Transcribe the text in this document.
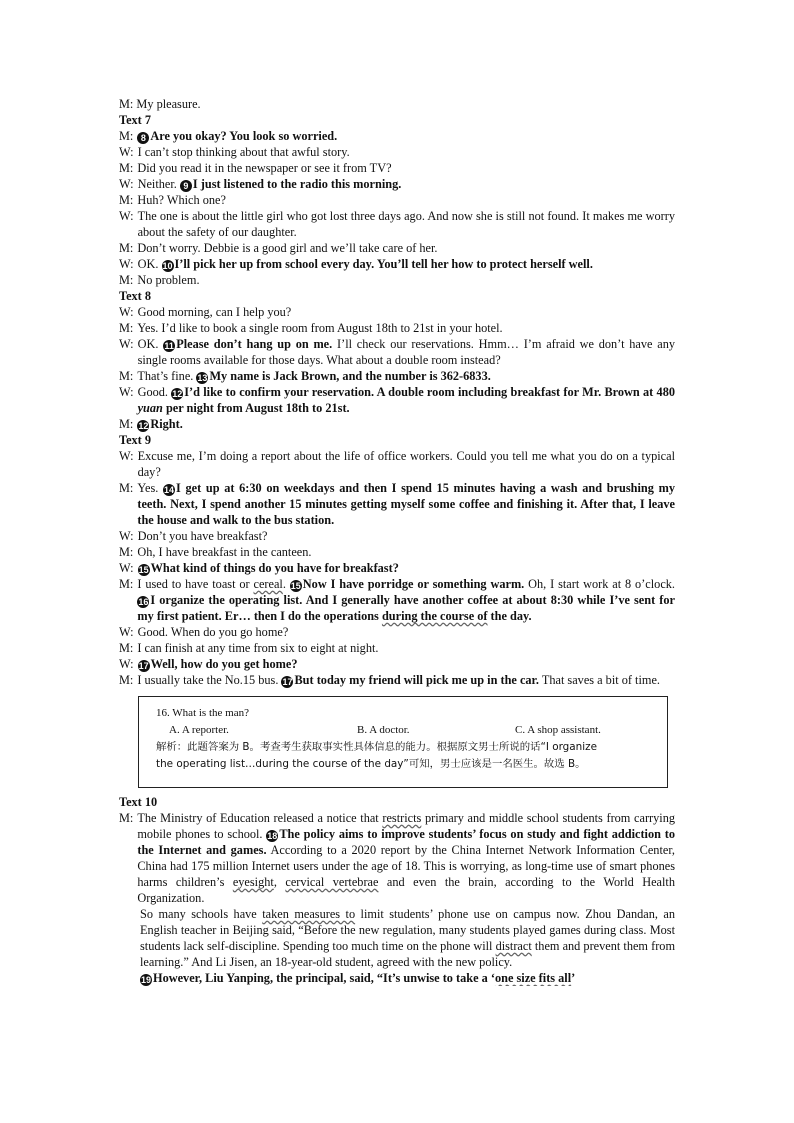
M: My pleasure.
Text 7
M: 8 Are you okay? You look so worried.
W: I can’t stop thinking about that awful story.
M: Did you read it in the newspaper or see it from TV?
W: Neither. 9 I just listened to the radio this morning.
M: Huh? Which one?
W: The one is about the little girl who got lost three days ago. And now she is still not found. It makes me worry about the safety of our daughter.
M: Don’t worry. Debbie is a good girl and we’ll take care of her.
W: OK. 10 I’ll pick her up from school every day. You’ll tell her how to protect herself well.
M: No problem.
Text 8
W: Good morning, can I help you?
M: Yes. I’d like to book a single room from August 18th to 21st in your hotel.
W: OK. 11 Please don’t hang up on me. I’ll check our reservations. Hmm… I’m afraid we don’t have any single rooms available for those days. What about a double room instead?
M: That’s fine. 13 My name is Jack Brown, and the number is 362-6833.
W: Good. 12 I’d like to confirm your reservation. A double room including breakfast for Mr. Brown at 480 yuan per night from August 18th to 21st.
M: 12 Right.
Text 9
W: Excuse me, I’m doing a report about the life of office workers. Could you tell me what you do on a typical day?
M: Yes. 14 I get up at 6:30 on weekdays and then I spend 15 minutes having a wash and brushing my teeth. Next, I spend another 15 minutes getting myself some coffee and finishing it. After that, I leave the house and walk to the bus station.
W: Don’t you have breakfast?
M: Oh, I have breakfast in the canteen.
W: 15 What kind of things do you have for breakfast?
M: I used to have toast or cereal. 15 Now I have porridge or something warm. Oh, I start work at 8 o’clock. 16 I organize the operating list. And I generally have another coffee at about 8:30 while I’ve sent for my first patient. Er… then I do the operations during the course of the day.
W: Good. When do you go home?
M: I can finish at any time from six to eight at night.
W: 17 Well, how do you get home?
M: I usually take the No.15 bus. 17 But today my friend will pick me up in the car. That saves a bit of time.
16. What is the man?
A. A reporter.	B. A doctor.	C. A shop assistant.
解析：此题答案为 B。考查考生获取事实性具体信息的能力。根据原文男士所说的话“I organize
the operating list…during the course of the day”可知，男士应该是一名医生。故选 B。
Text 10
M: The Ministry of Education released a notice that restricts primary and middle school students from carrying mobile phones to school. 18 The policy aims to improve students’ focus on study and fight addiction to the Internet and games. According to a 2020 report by the China Internet Network Information Center, China had 175 million Internet users under the age of 18. This is worrying, as long-time use of smart phones harms children’s eyesight, cervical vertebrae and even the brain, according to the World Health Organization.
So many schools have taken measures to limit students’ phone use on campus now. Zhou Dandan, an English teacher in Beijing said, “Before the new regulation, many students played games during class. Most students lack self-discipline. Spending too much time on the phone will distract them and prevent them from learning.” And Li Jisen, an 18-year-old student, agreed with the new policy.
19 However, Liu Yanping, the principal, said, “It’s unwise to take a ‘one size fits all’
